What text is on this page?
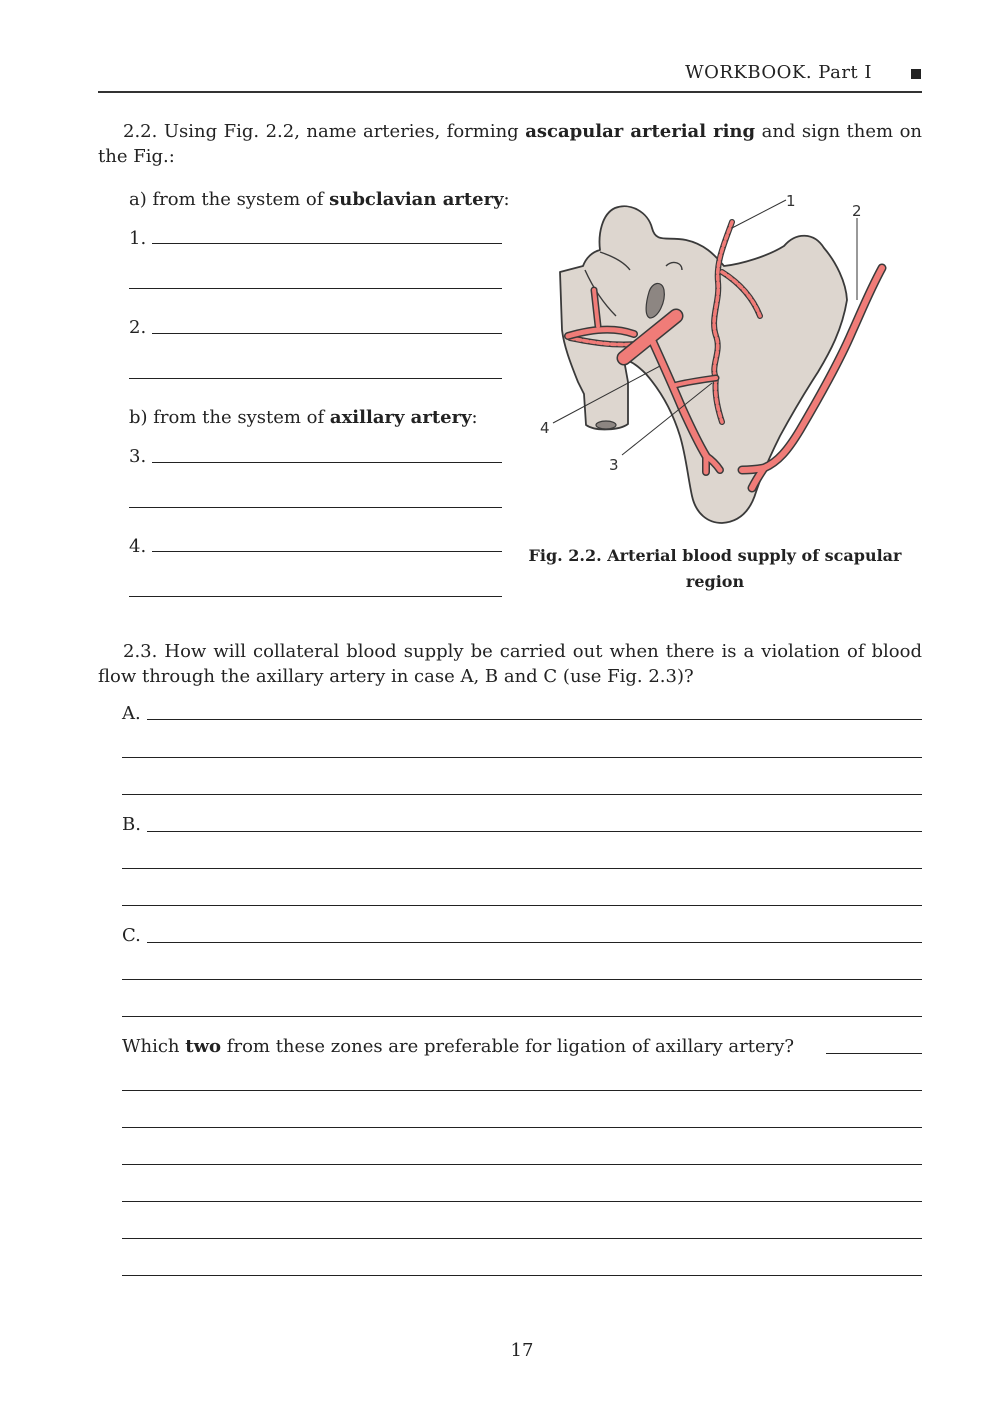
WORKBOOK. Part I
2.2. Using Fig. 2.2, name arteries, forming ascapular arterial ring and sign them on the Fig.:
a) from the system of subclavian artery:
1.
2.
b) from the system of axillary artery:
3.
4.
1
2
3
4
Fig. 2.2. Arterial blood supply of scapular
region
2.3. How will collateral blood supply be carried out when there is a violation of blood flow through the axillary artery in case A, B and C (use Fig. 2.3)?
A.
B.
C.
Which two from these zones are preferable for ligation of axillary artery?
17
